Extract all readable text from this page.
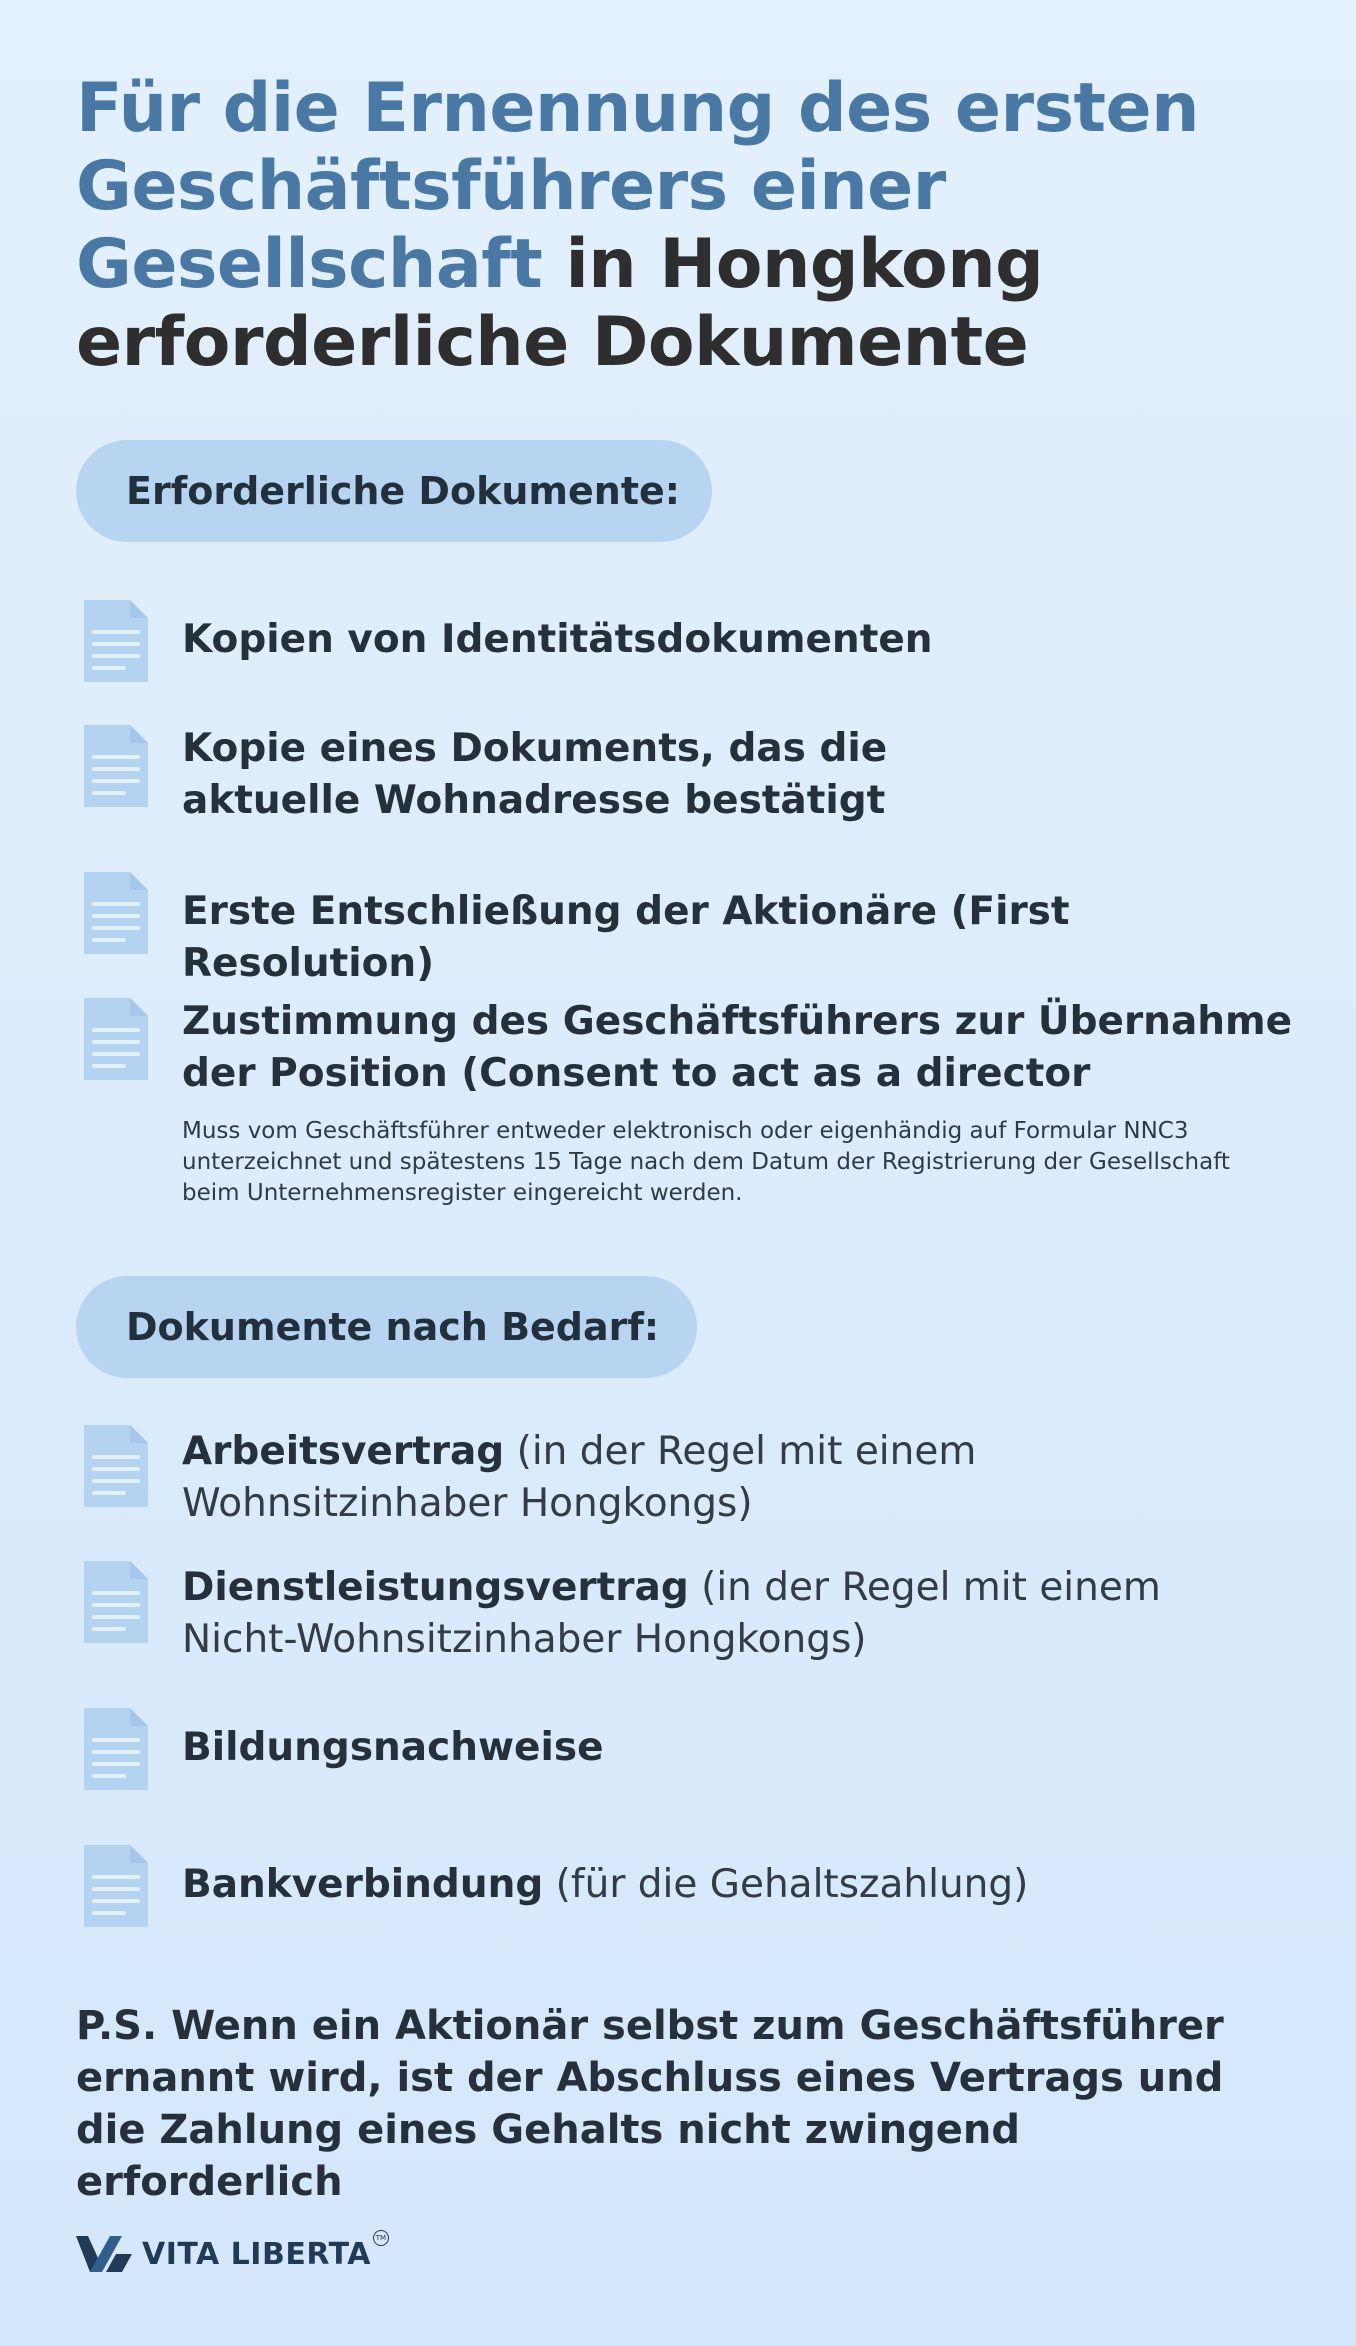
Für die Ernennung des ersten Geschäftsführers einer Gesellschaft in Hongkong erforderliche Dokumente
Erforderliche Dokumente:
Kopien von Identitätsdokumenten
Kopie eines Dokuments, das die aktuelle Wohnadresse bestätigt
Erste Entschließung der Aktionäre (First Resolution)
Zustimmung des Geschäftsführers zur Übernahme der Position (Consent to act as a director
Muss vom Geschäftsführer entweder elektronisch oder eigenhändig auf Formular NNC3 unterzeichnet und spätestens 15 Tage nach dem Datum der Registrierung der Gesellschaft beim Unternehmensregister eingereicht werden.
Dokumente nach Bedarf:
Arbeitsvertrag (in der Regel mit einem Wohnsitzinhaber Hongkongs)
Dienstleistungsvertrag (in der Regel mit einem Nicht-Wohnsitzinhaber Hongkongs)
Bildungsnachweise
Bankverbindung (für die Gehaltszahlung)
P.S. Wenn ein Aktionär selbst zum Geschäftsführer ernannt wird, ist der Abschluss eines Vertrags und die Zahlung eines Gehalts nicht zwingend erforderlich
VITA LIBERTA TM
